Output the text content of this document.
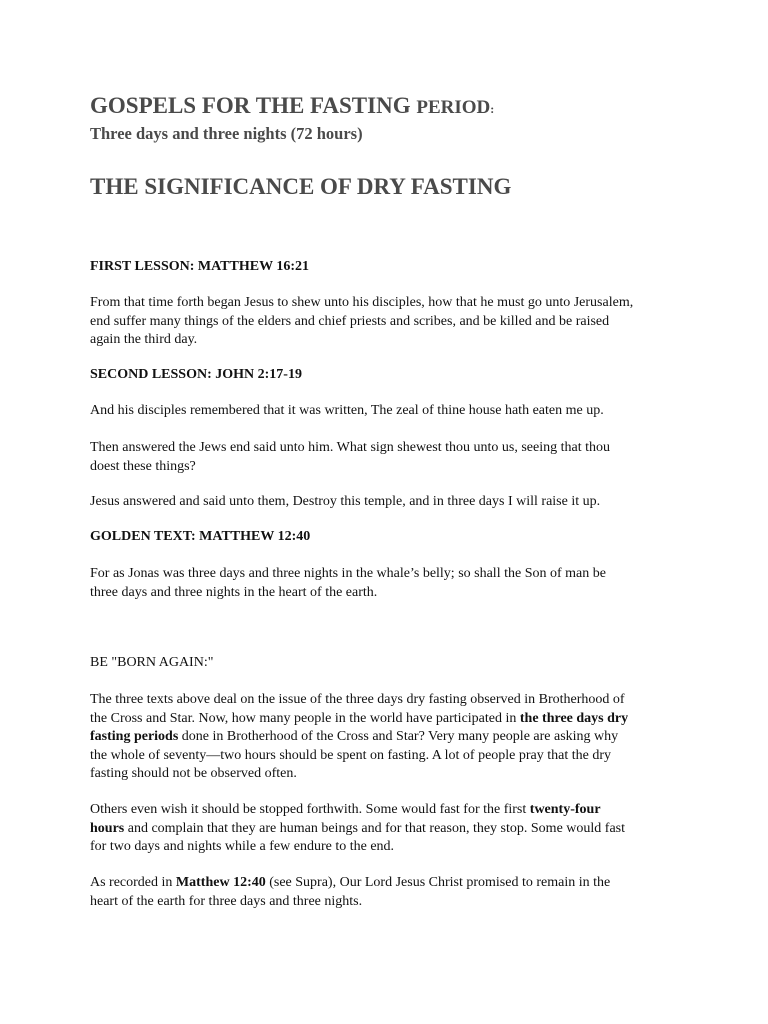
GOSPELS FOR THE FASTING PERIOD:

Three days and three nights (72 hours)

THE SIGNIFICANCE OF DRY FASTING

FIRST LESSON: MATTHEW 16:21

From that time forth began Jesus to shew unto his disciples, how that he must go unto Jerusalem,
end suffer many things of the elders and chief priests and scribes, and be killed and be raised
again the third day.

SECOND LESSON: JOHN 2:17-19

And his disciples remembered that it was written, The zeal of thine house hath eaten me up.

Then answered the Jews end said unto him. What sign shewest thou unto us, seeing that thou
doest these things?

Jesus answered and said unto them, Destroy this temple, and in three days I will raise it up.

GOLDEN TEXT: MATTHEW 12:40

For as Jonas was three days and three nights in the whale’s belly; so shall the Son of man be
three days and three nights in the heart of the earth.

BE "BORN AGAIN:"

The three texts above deal on the issue of the three days dry fasting observed in Brotherhood of
the Cross and Star. Now, how many people in the world have participated in the three days dry
fasting periods done in Brotherhood of the Cross and Star? Very many people are asking why
the whole of seventy—two hours should be spent on fasting. A lot of people pray that the dry
fasting should not be observed often.

Others even wish it should be stopped forthwith. Some would fast for the first twenty-four
hours and complain that they are human beings and for that reason, they stop. Some would fast
for two days and nights while a few endure to the end.

As recorded in Matthew 12:40 (see Supra), Our Lord Jesus Christ promised to remain in the
heart of the earth for three days and three nights.
